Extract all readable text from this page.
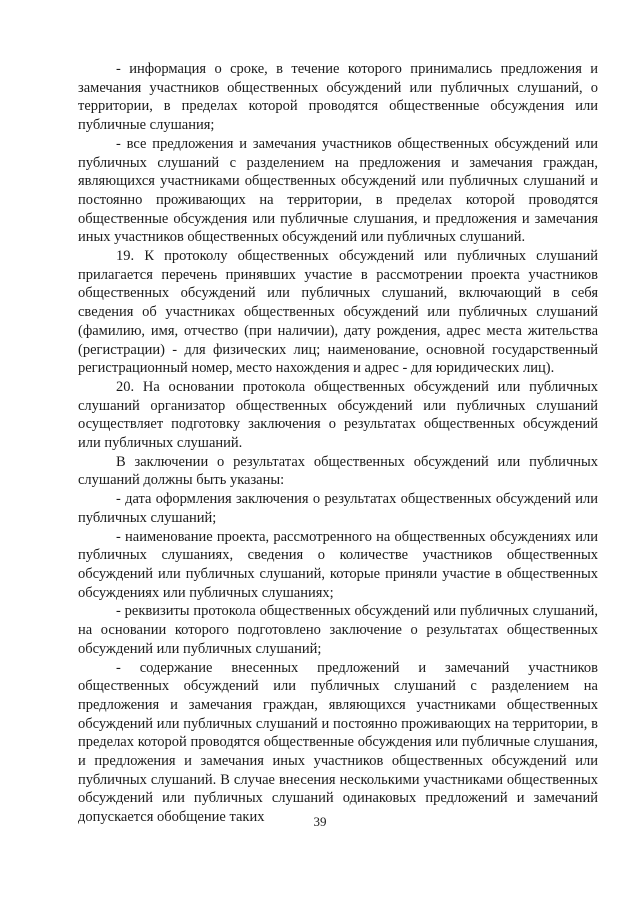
- информация о сроке, в течение которого принимались предложения и замечания участников общественных обсуждений или публичных слушаний, о территории, в пределах которой проводятся общественные обсуждения или публичные слушания;

- все предложения и замечания участников общественных обсуждений или публичных слушаний с разделением на предложения и замечания граждан, являющихся участниками общественных обсуждений или публичных слушаний и постоянно проживающих на территории, в пределах которой проводятся общественные обсуждения или публичные слушания, и предложения и замечания иных участников общественных обсуждений или публичных слушаний.

19. К протоколу общественных обсуждений или публичных слушаний прилагается перечень принявших участие в рассмотрении проекта участников общественных обсуждений или публичных слушаний, включающий в себя сведения об участниках общественных обсуждений или публичных слушаний (фамилию, имя, отчество (при наличии), дату рождения, адрес места жительства (регистрации) - для физических лиц; наименование, основной государственный регистрационный номер, место нахождения и адрес - для юридических лиц).

20. На основании протокола общественных обсуждений или публичных слушаний организатор общественных обсуждений или публичных слушаний осуществляет подготовку заключения о результатах общественных обсуждений или публичных слушаний.

В заключении о результатах общественных обсуждений или публичных слушаний должны быть указаны:

- дата оформления заключения о результатах общественных обсуждений или публичных слушаний;

- наименование проекта, рассмотренного на общественных обсуждениях или публичных слушаниях, сведения о количестве участников общественных обсуждений или публичных слушаний, которые приняли участие в общественных обсуждениях или публичных слушаниях;

- реквизиты протокола общественных обсуждений или публичных слушаний, на основании которого подготовлено заключение о результатах общественных обсуждений или публичных слушаний;

- содержание внесенных предложений и замечаний участников общественных обсуждений или публичных слушаний с разделением на предложения и замечания граждан, являющихся участниками общественных обсуждений или публичных слушаний и постоянно проживающих на территории, в пределах которой проводятся общественные обсуждения или публичные слушания, и предложения и замечания иных участников общественных обсуждений или публичных слушаний. В случае внесения несколькими участниками общественных обсуждений или публичных слушаний одинаковых предложений и замечаний допускается обобщение таких	39
